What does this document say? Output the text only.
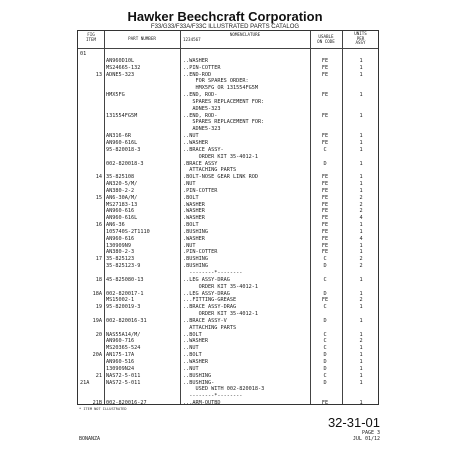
Hawker Beechcraft Corporation
F33/G33/F33A/F33C ILLUSTRATED PARTS CATALOG
FIG
ITEM	PART NUMBER
NOMENCLATURE
1234567
USABLE
ON CODE
UNITS
PER
ASSY
01
AN960D10L	..WASHER	FE	1
MS24665-132	..PIN-COTTER	FE	1
13 ADNE5-323	..END-ROD	FE	1
FOR SPARES ORDER:
HMX5FG OR 131554FG5M
HMX5FG	..END, ROD-	FE	1
SPARES REPLACEMENT FOR:
ADNE5-323
131554FG5M	..END, ROD-	FE	1
SPARES REPLACEMENT FOR:
ADNE5-323
AN316-6R	..NUT	FE	1
AN960-616L	..WASHER	FE	1
95-820018-3	..BRACE ASSY-	C	1
ORDER KIT 35-4012-1
002-820018-3	.BRACE ASSY	D	1
ATTACHING PARTS
14 35-825108	.BOLT-NOSE GEAR LINK ROD	FE	1
AN320-5/M/	.NUT	FE	1
AN380-2-2	.PIN-COTTER	FE	1
15 AN6-30A/M/	.BOLT	FE	2
MS27183-13	.WASHER	FE	2
AN960-616	.WASHER	FE	2
AN960-616L	.WASHER	FE	4
16 AN6-36	.BOLT	FE	1
105740S-2T1110	.BUSHING	FE	1
AN960-616	.WASHER	FE	4
130909N9	.NUT	FE	1
AN380-2-3	.PIN-COTTER	FE	1
17 35-825123	.BUSHING	C	2
35-825123-9	.BUSHING	D	2
--------*--------
18 45-825080-13	..LEG ASSY-DRAG	C	1
ORDER KIT 35-4012-1
18A 002-820017-1	..LEG ASSY-DRAG	D	1
MS15002-1	...FITTING-GREASE	FE	2
19 95-820019-3	..BRACE ASSY-DRAG	C	1
ORDER KIT 35-4012-1
19A 002-820016-31	..BRACE ASSY-V	D	1
ATTACHING PARTS
20 NAS55A14/M/	..BOLT	C	1
AN960-716	..WASHER	C	2
MS20365-524	..NUT	C	1
20A AN175-17A	..BOLT	D	1
AN960-516	..WASHER	D	1
130909N24	..NUT	D	1
21 NAS72-5-011	..BUSHING	C	1
21A	NAS72-5-011	..BUSHING-	D	1
USED WITH 002-820018-3
--------*--------
21B 002-820016-27	...ARM-OUTBD	FE	1
* ITEM NOT ILLUSTRATED
BONANZA
32-31-01
PAGE 3
JUL 01/12
